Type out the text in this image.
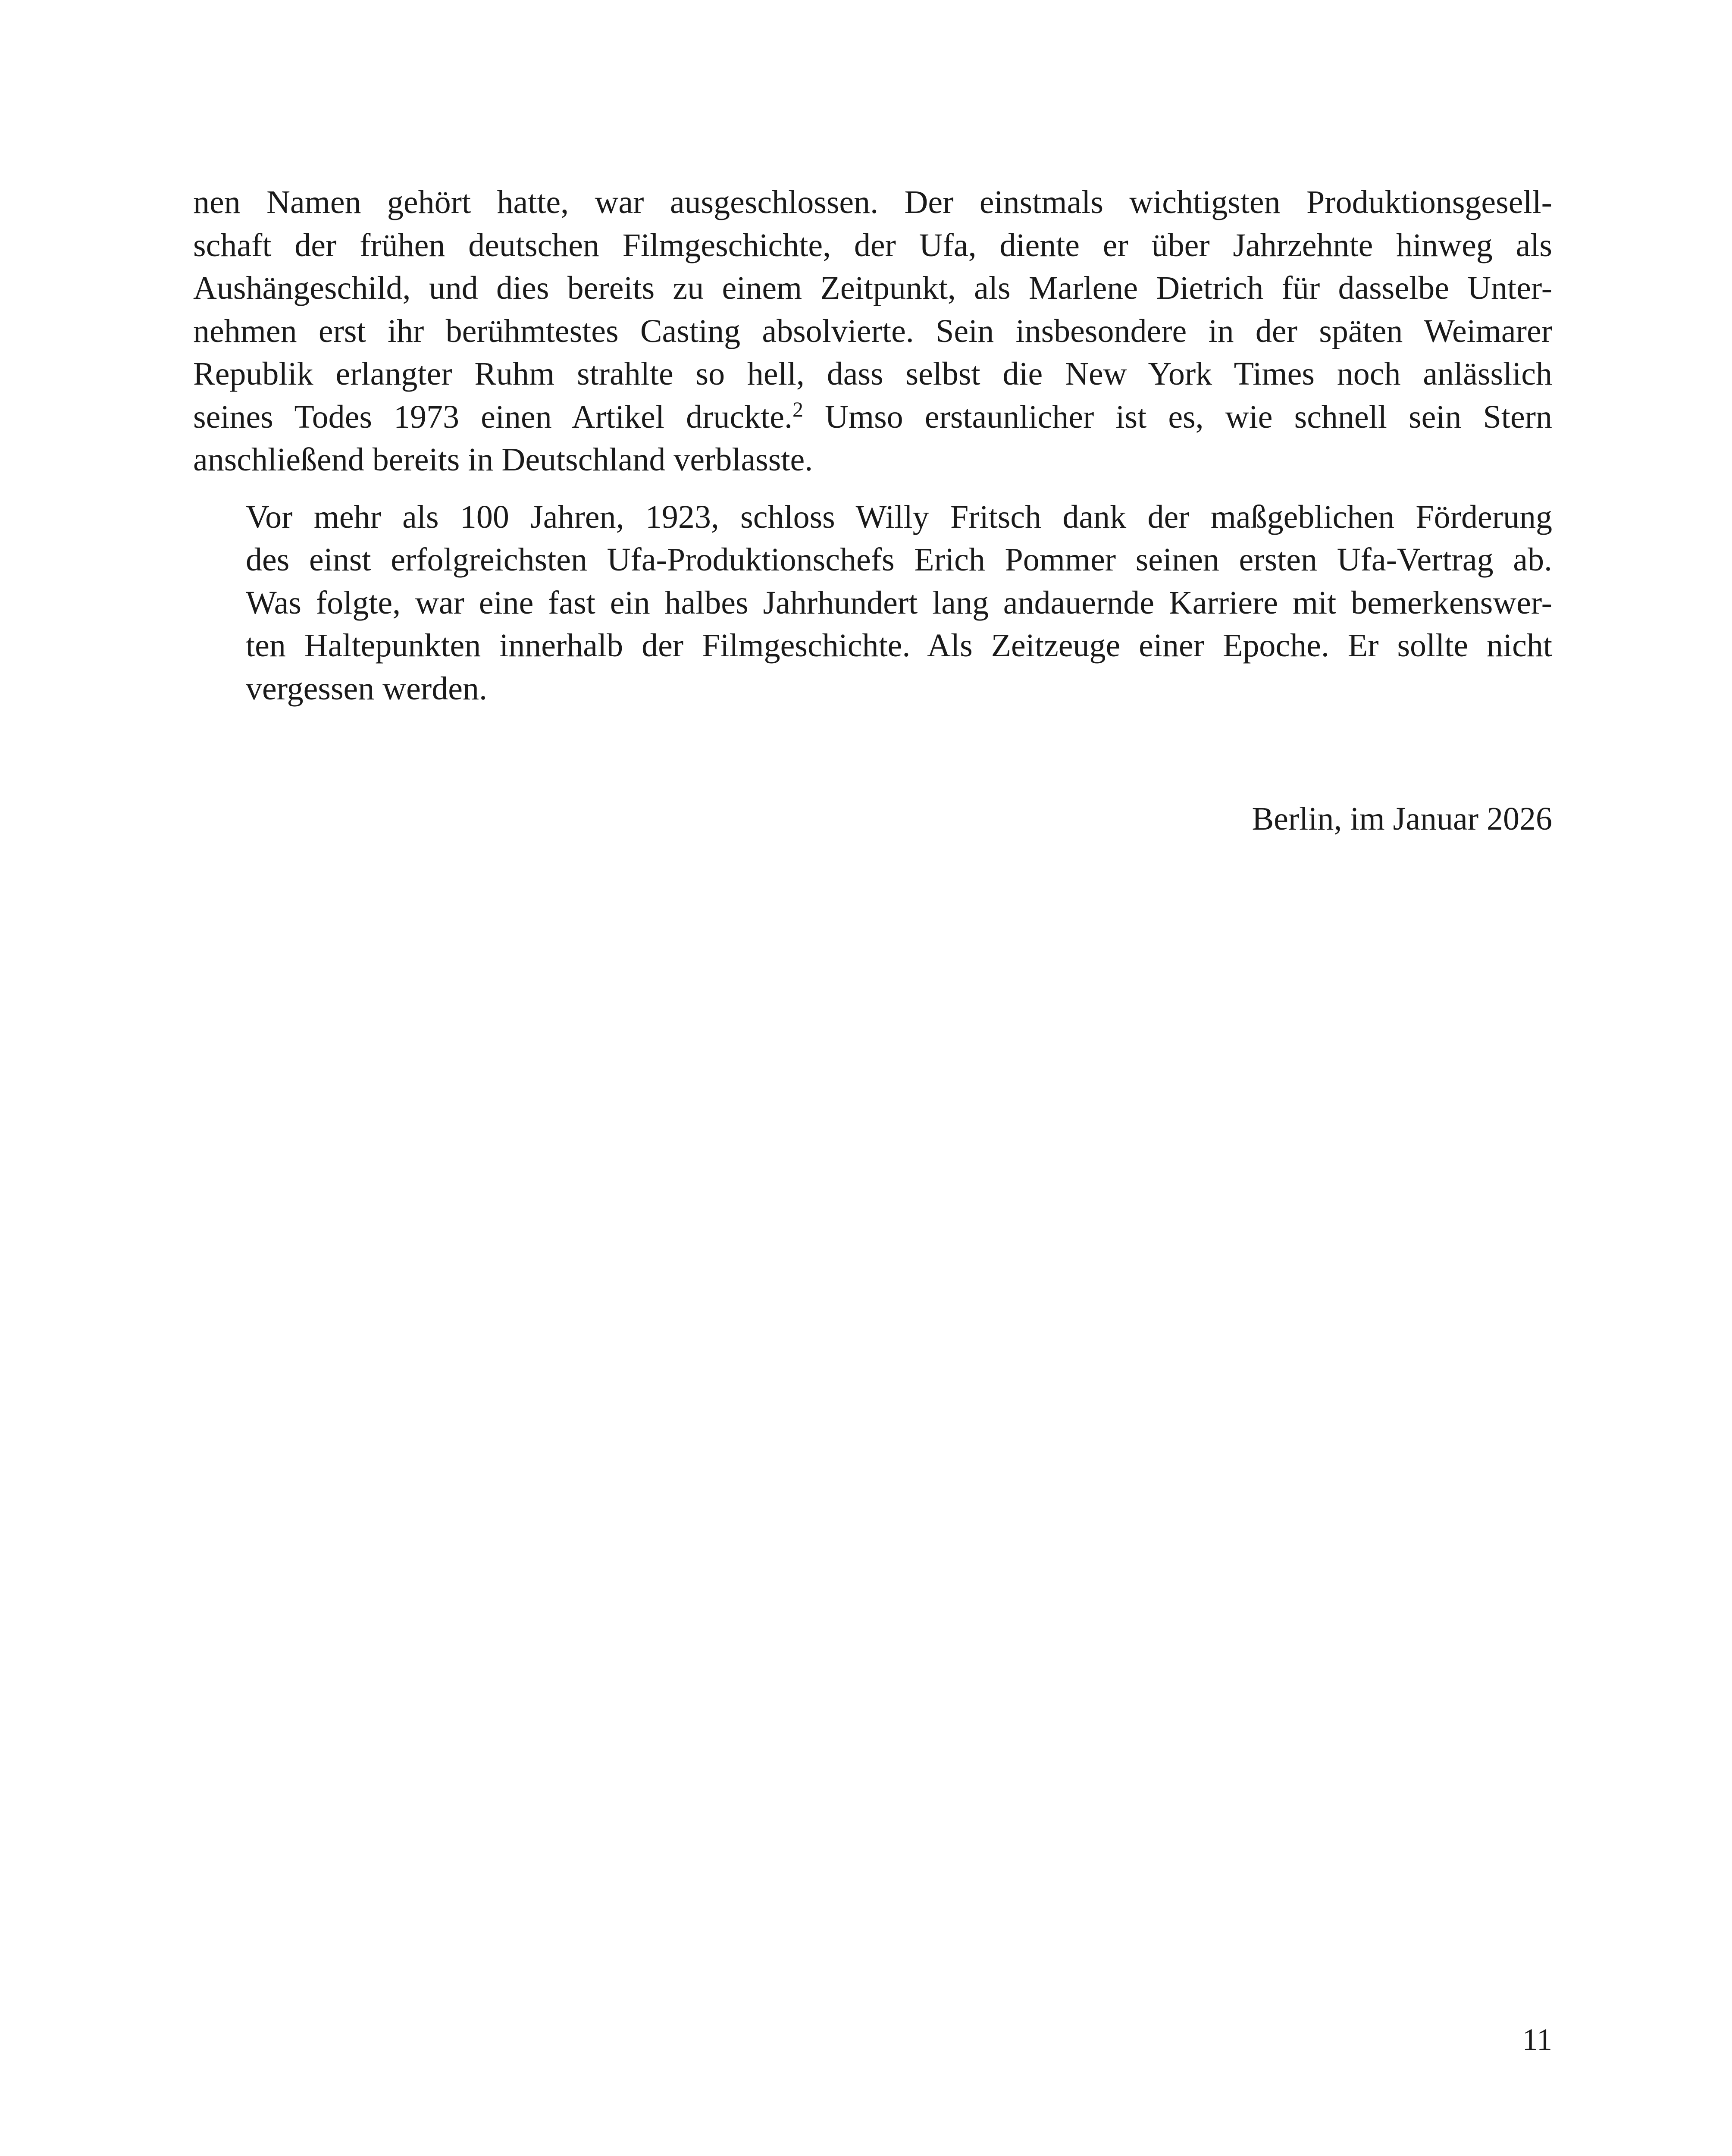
nen Namen gehört hatte, war ausgeschlossen. Der einstmals wichtigsten Produktionsgesell-
schaft der frühen deutschen Filmgeschichte, der Ufa, diente er über Jahrzehnte hinweg als
Aushängeschild, und dies bereits zu einem Zeitpunkt, als Marlene Dietrich für dasselbe Unter-
nehmen erst ihr berühmtestes Casting absolvierte. Sein insbesondere in der späten Weimarer
Republik erlangter Ruhm strahlte so hell, dass selbst die New York Times noch anlässlich
seines Todes 1973 einen Artikel druckte.$^2$ Umso erstaunlicher ist es, wie schnell sein Stern
anschließend bereits in Deutschland verblasste.

Vor mehr als 100 Jahren, 1923, schloss Willy Fritsch dank der maßgeblichen Förderung
des einst erfolgreichsten Ufa-Produktionschefs Erich Pommer seinen ersten Ufa-Vertrag ab.
Was folgte, war eine fast ein halbes Jahrhundert lang andauernde Karriere mit bemerkenswer-
ten Haltepunkten innerhalb der Filmgeschichte. Als Zeitzeuge einer Epoche. Er sollte nicht
vergessen werden.

Berlin, im Januar 2026

11
